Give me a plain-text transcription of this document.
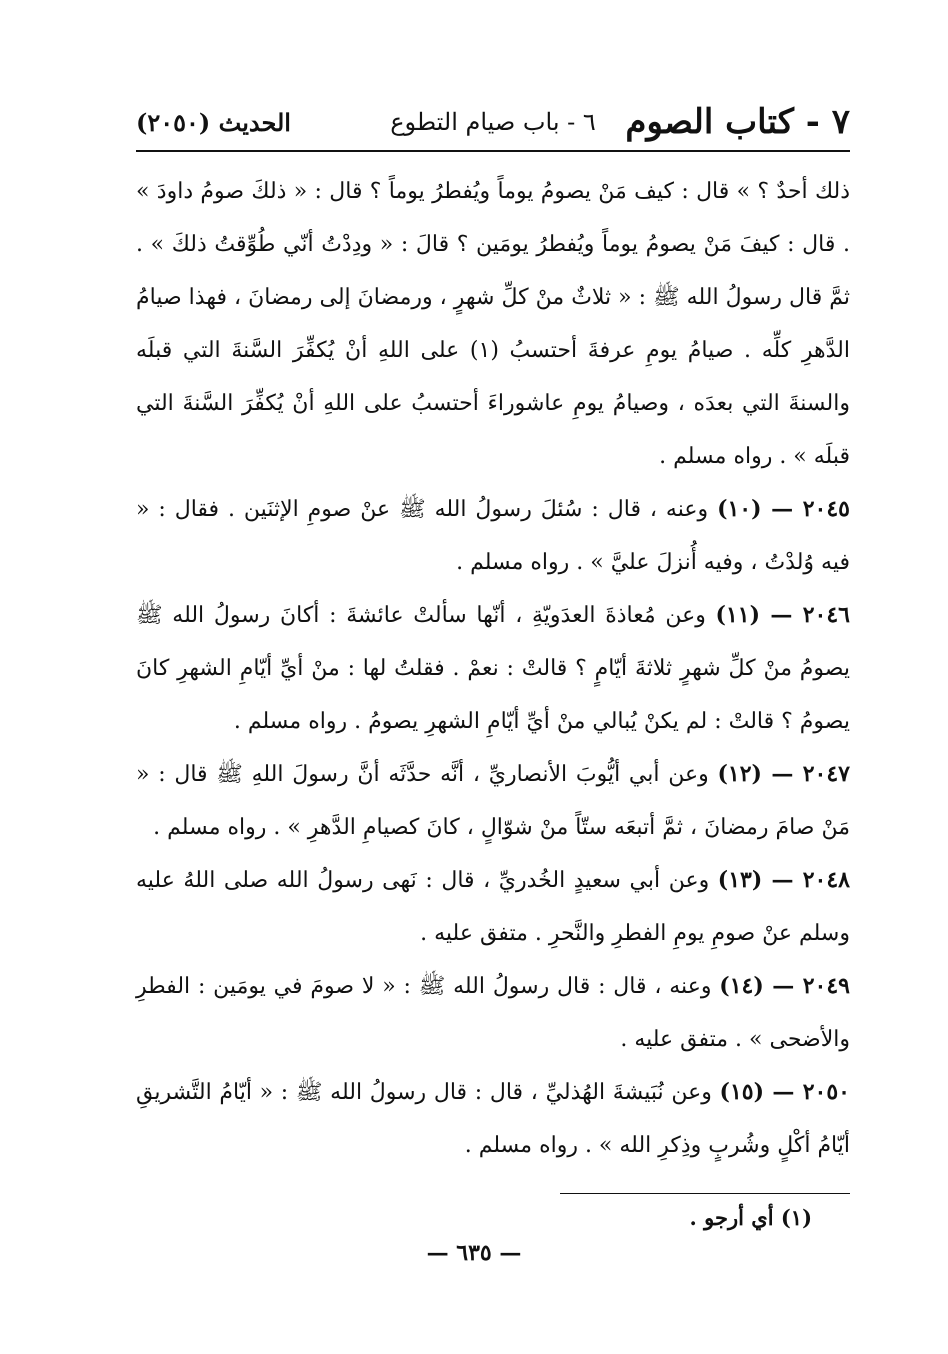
٧ - كتاب الصوم
٦ - باب صيام التطوع
الحديث (٢٠٥٠)

ذلك أحدٌ ؟ » قال : كيف مَنْ يصومُ يوماً ويُفطرُ يوماً ؟ قال : « ذلكَ صومُ داودَ » . قال : كيفَ مَنْ يصومُ يوماً ويُفطرُ يومَين ؟ قالَ : « ودِدْتُ أنّي طُوِّقتُ ذلكَ » . ثمَّ قال رسولُ الله ﷺ : « ثلاثٌ منْ كلِّ شهرٍ ، ورمضانَ إلى رمضانَ ، فهذا صيامُ الدَّهرِ كلِّه . صيامُ يومِ عرفةَ أحتسبُ (١) على اللهِ أنْ يُكفِّرَ السَّنةَ التي قبلَه والسنةَ التي بعدَه ، وصيامُ يومِ عاشوراءَ أحتسبُ على اللهِ أنْ يُكفِّرَ السَّنةَ التي قبلَه » . رواه مسلم .

٢٠٤٥ — (١٠) وعنه ، قال : سُئلَ رسولُ الله ﷺ عنْ صومِ الإثنَين . فقال : « فيه وُلدْتُ ، وفيه أُنزلَ عليَّ » . رواه مسلم .

٢٠٤٦ — (١١) وعن مُعاذةَ العدَويّةِ ، أنّها سألتْ عائشةَ : أكانَ رسولُ الله ﷺ يصومُ منْ كلِّ شهرٍ ثلاثةَ أيّامٍ ؟ قالتْ : نعمْ . فقلتُ لها : منْ أيِّ أيّامِ الشهرِ كانَ يصومُ ؟ قالتْ : لم يكنْ يُبالي منْ أيِّ أيّامِ الشهرِ يصومُ . رواه مسلم .

٢٠٤٧ — (١٢) وعن أبي أيُّوبَ الأنصاريِّ ، أنَّه حدَّثَه أنَّ رسولَ اللهِ ﷺ قال : « مَنْ صامَ رمضانَ ، ثمَّ أتبعَه ستّاً منْ شوّالٍ ، كانَ كصيامِ الدَّهرِ » . رواه مسلم .

٢٠٤٨ — (١٣) وعن أبي سعيدٍ الخُدريِّ ، قال : نَهى رسولُ الله صلى اللهُ عليه وسلم عنْ صومِ يومِ الفطرِ والنَّحرِ . متفق عليه .

٢٠٤٩ — (١٤) وعنه ، قال : قال رسولُ الله ﷺ : « لا صومَ في يومَين : الفطرِ والأضحى » . متفق عليه .

٢٠٥٠ — (١٥) وعن نُبَيشةَ الهُذليِّ ، قال : قال رسولُ الله ﷺ : « أيّامُ التَّشريقِ أيّامُ أكْلٍ وشُربٍ وذِكرِ الله » . رواه مسلم .

(١) أي أرجو .
— ٦٣٥ —
